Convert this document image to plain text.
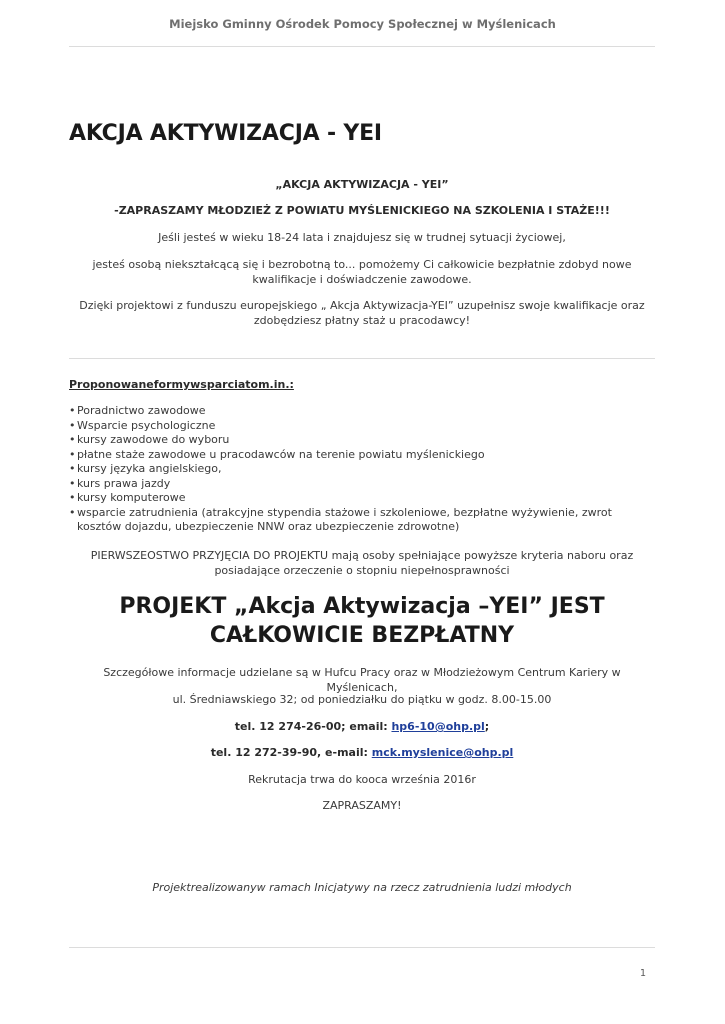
Miejsko Gminny Ośrodek Pomocy Społecznej w Myślenicach
AKCJA AKTYWIZACJA - YEI

„AKCJA AKTYWIZACJA - YEI”

-ZAPRASZAMY MŁODZIEŻ Z POWIATU MYŚLENICKIEGO NA SZKOLENIA I STAŻE!!!

Jeśli jesteś w wieku 18-24 lata i znajdujesz się w trudnej sytuacji życiowej,

jesteś osobą niekształcącą się i bezrobotną to... pomożemy Ci całkowicie bezpłatnie zdobyd nowe kwalifikacje i doświadczenie zawodowe.

Dzięki projektowi z funduszu europejskiego „ Akcja Aktywizacja-YEI” uzupełnisz swoje kwalifikacje oraz zdobędziesz płatny staż u pracodawcy!

Proponowaneformywsparciatom.in.:

• Poradnictwo zawodowe
• Wsparcie psychologiczne
• kursy zawodowe do wyboru
• płatne staże zawodowe u pracodawców na terenie powiatu myślenickiego
• kursy języka angielskiego,
• kurs prawa jazdy
• kursy komputerowe
• wsparcie zatrudnienia (atrakcyjne stypendia stażowe i szkoleniowe, bezpłatne wyżywienie, zwrot kosztów dojazdu, ubezpieczenie NNW oraz ubezpieczenie zdrowotne)

PIERWSZEOSTWO PRZYJĘCIA DO PROJEKTU mają osoby spełniające powyższe kryteria naboru oraz posiadające orzeczenie o stopniu niepełnosprawności

PROJEKT „Akcja Aktywizacja –YEI” JEST CAŁKOWICIE BEZPŁATNY

Szczegółowe informacje udzielane są w Hufcu Pracy oraz w Młodzieżowym Centrum Kariery w Myślenicach,

ul. Średniawskiego 32; od poniedziałku do piątku w godz. 8.00-15.00

tel. 12 274-26-00; email: hp6-10@ohp.pl;

tel. 12 272-39-90, e-mail: mck.myslenice@ohp.pl

Rekrutacja trwa do kooca września 2016r

ZAPRASZAMY!

Projektrealizowanyw ramach Inicjatywy na rzecz zatrudnienia ludzi młodych

1
